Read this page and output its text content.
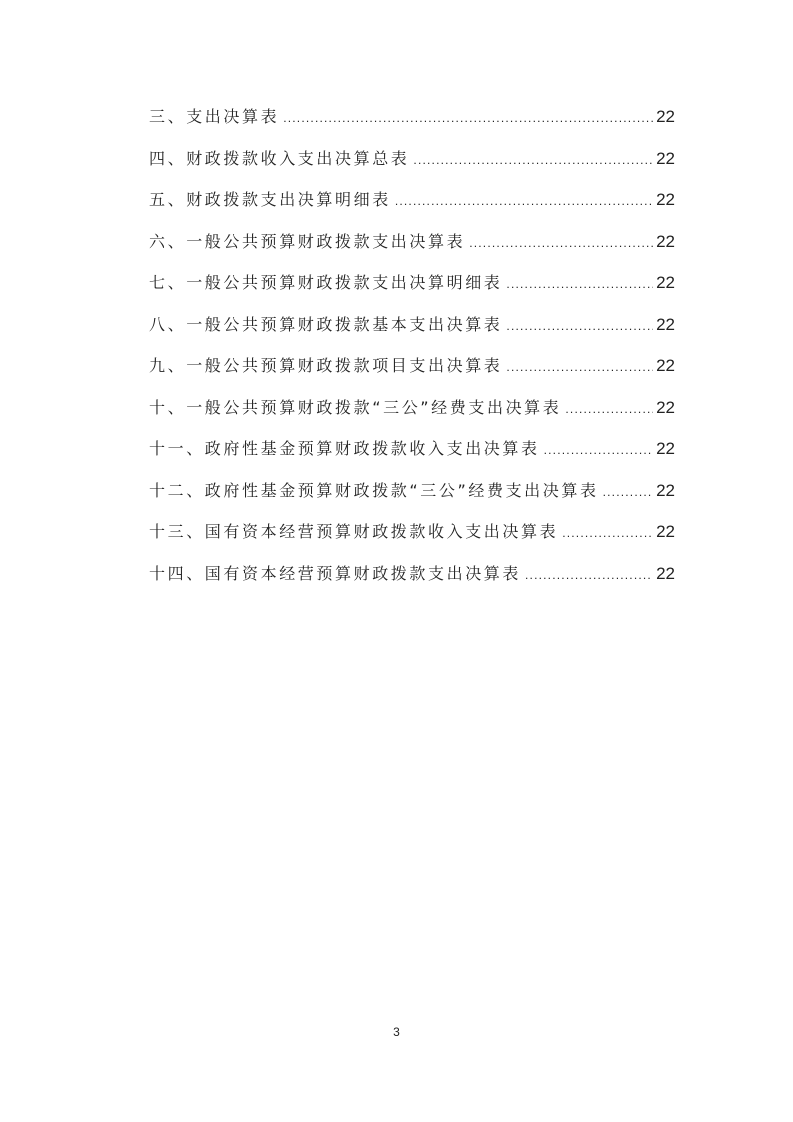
三、支出决算表 .....	22
四、财政拨款收入支出决算总表 .....	22
五、财政拨款支出决算明细表 .....	22
六、一般公共预算财政拨款支出决算表 .....	22
七、一般公共预算财政拨款支出决算明细表 .....	22
八、一般公共预算财政拨款基本支出决算表 .....	22
九、一般公共预算财政拨款项目支出决算表 .....	22
十、一般公共预算财政拨款“三公”经费支出决算表 .....	22
十一、政府性基金预算财政拨款收入支出决算表 .....	22
十二、政府性基金预算财政拨款“三公”经费支出决算表 .....	22
十三、国有资本经营预算财政拨款收入支出决算表 .....	22
十四、国有资本经营预算财政拨款支出决算表 .....	22
3
